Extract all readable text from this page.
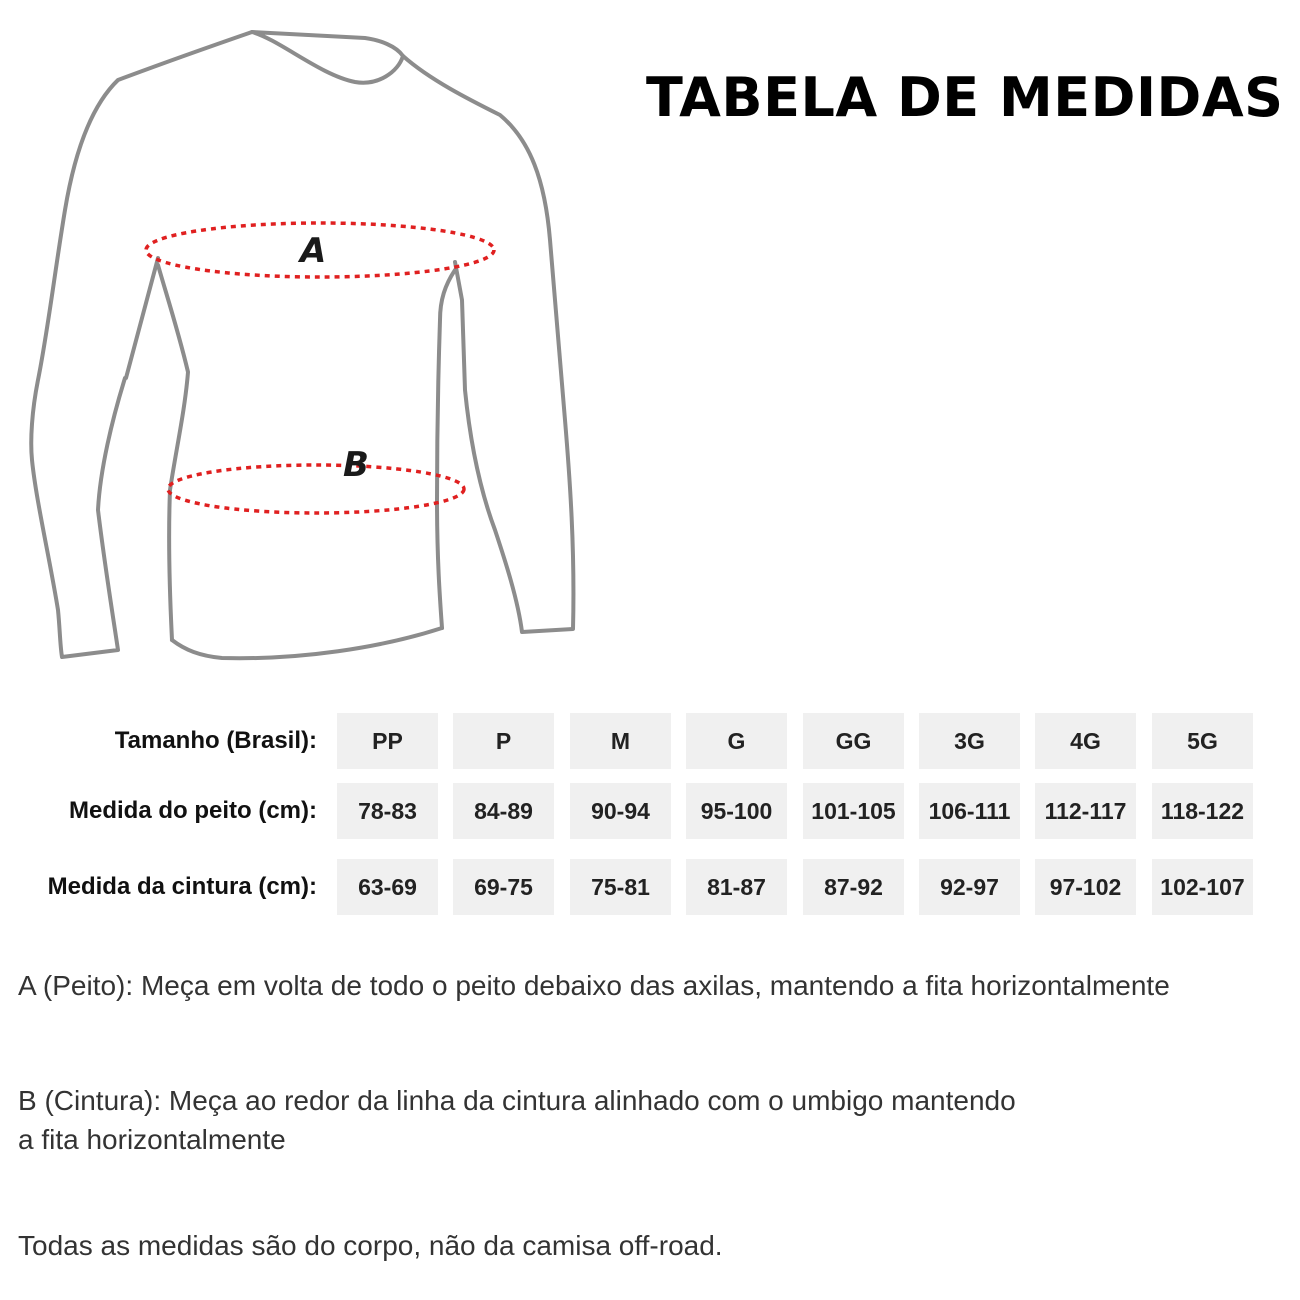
TABELA DE MEDIDAS
A
B
Tamanho (Brasil):	PP	P	M	G	GG	3G	4G	5G
Medida do peito (cm):	78-83	84-89	90-94	95-100	101-105	106-111	112-117	118-122
Medida da cintura (cm):	63-69	69-75	75-81	81-87	87-92	92-97	97-102	102-107
A (Peito): Meça em volta de todo o peito debaixo das axilas, mantendo a fita horizontalmente
B (Cintura): Meça ao redor da linha da cintura alinhado com o umbigo mantendo
a fita horizontalmente
Todas as medidas são do corpo, não da camisa off-road.
